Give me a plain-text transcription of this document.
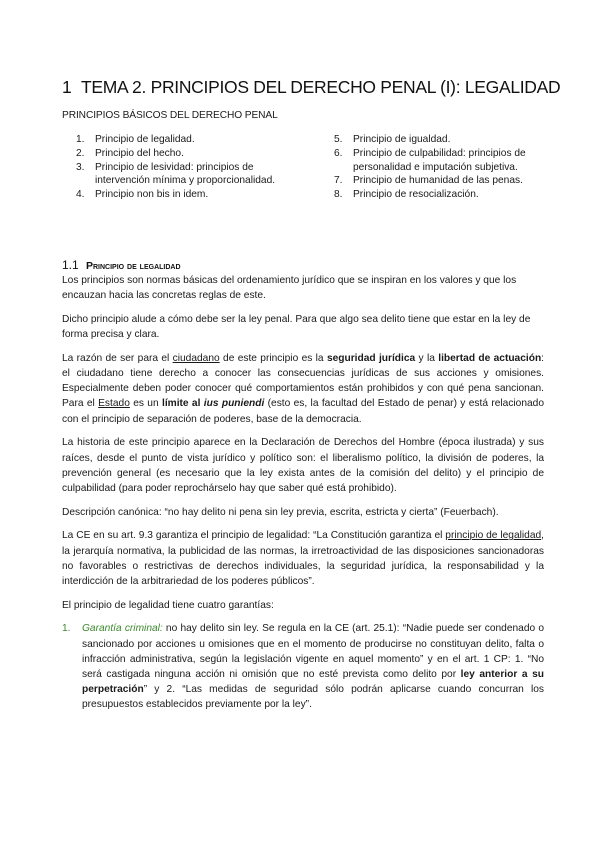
1 TEMA 2. PRINCIPIOS DEL DERECHO PENAL (I): LEGALIDAD
PRINCIPIOS BÁSICOS DEL DERECHO PENAL
1. Principio de legalidad.
2. Principio del hecho.
3. Principio de lesividad: principios de intervención mínima y proporcionalidad.
4. Principio non bis in idem.
5. Principio de igualdad.
6. Principio de culpabilidad: principios de personalidad e imputación subjetiva.
7. Principio de humanidad de las penas.
8. Principio de resocialización.
1.1 Principio de legalidad

Los principios son normas básicas del ordenamiento jurídico que se inspiran en los valores y que los encauzan hacia las concretas reglas de este.

Dicho principio alude a cómo debe ser la ley penal. Para que algo sea delito tiene que estar en la ley de forma precisa y clara.

La razón de ser para el ciudadano de este principio es la seguridad jurídica y la libertad de actuación: el ciudadano tiene derecho a conocer las consecuencias jurídicas de sus acciones y omisiones. Especialmente deben poder conocer qué comportamientos están prohibidos y con qué pena sancionan. Para el Estado es un límite al ius puniendi (esto es, la facultad del Estado de penar) y está relacionado con el principio de separación de poderes, base de la democracia.

La historia de este principio aparece en la Declaración de Derechos del Hombre (época ilustrada) y sus raíces, desde el punto de vista jurídico y político son: el liberalismo político, la división de poderes, la prevención general (es necesario que la ley exista antes de la comisión del delito) y el principio de culpabilidad (para poder reprochárselo hay que saber qué está prohibido).

Descripción canónica: “no hay delito ni pena sin ley previa, escrita, estricta y cierta” (Feuerbach).

La CE en su art. 9.3 garantiza el principio de legalidad: “La Constitución garantiza el principio de legalidad, la jerarquía normativa, la publicidad de las normas, la irretroactividad de las disposiciones sancionadoras no favorables o restrictivas de derechos individuales, la seguridad jurídica, la responsabilidad y la interdicción de la arbitrariedad de los poderes públicos”.

El principio de legalidad tiene cuatro garantías:

1. Garantía criminal: no hay delito sin ley. Se regula en la CE (art. 25.1): “Nadie puede ser condenado o sancionado por acciones u omisiones que en el momento de producirse no constituyan delito, falta o infracción administrativa, según la legislación vigente en aquel momento” y en el art. 1 CP: 1. “No será castigada ninguna acción ni omisión que no esté prevista como delito por ley anterior a su perpetración” y 2. “Las medidas de seguridad sólo podrán aplicarse cuando concurran los presupuestos establecidos previamente por la ley”.
